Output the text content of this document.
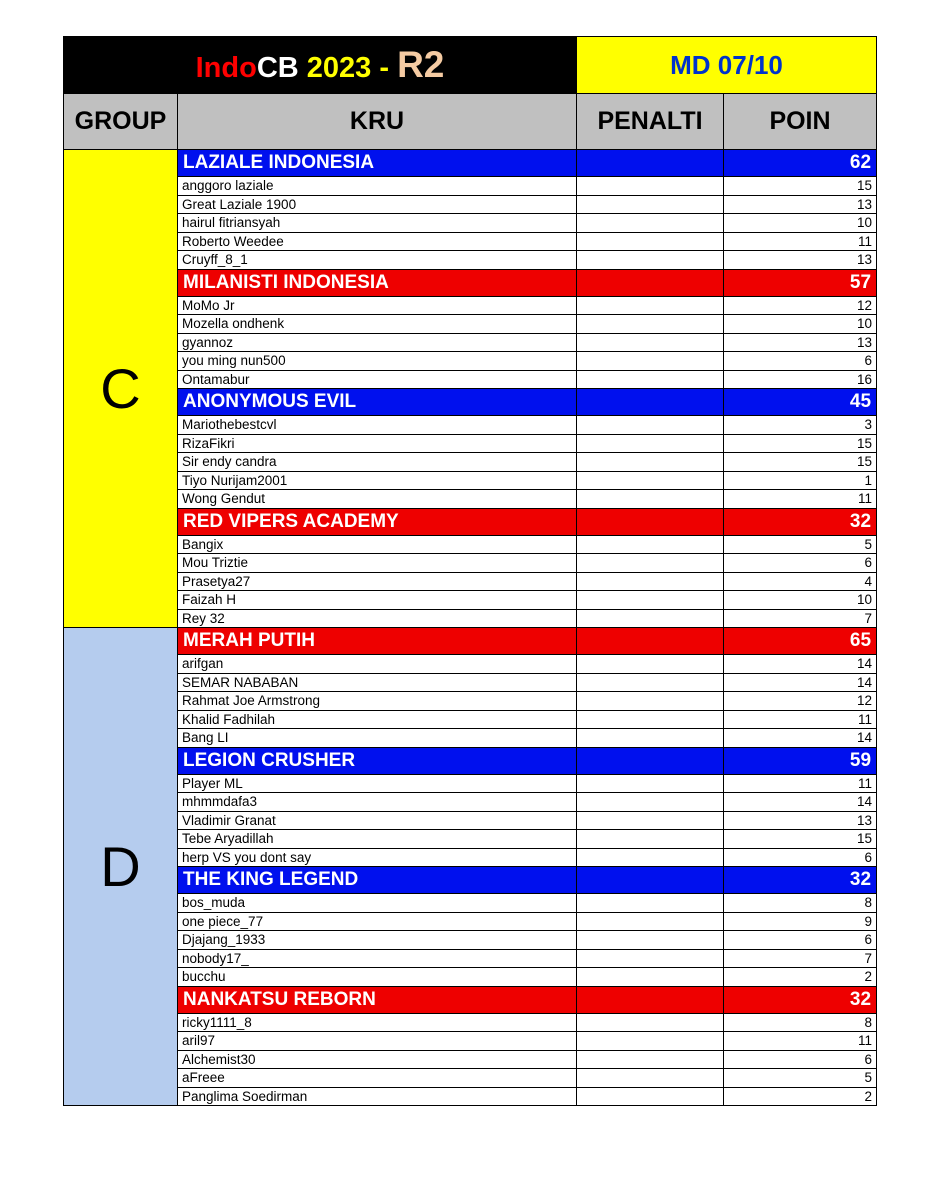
IndoCB 2023 - R2		MD 07/10	
GROUP	KRU	PENALTI	POIN
C	LAZIALE INDONESIA		62
	anggoro laziale		15
	Great Laziale 1900		13
	hairul fitriansyah		10
	Roberto Weedee		11
	Cruyff_8_1		13
	MILANISTI INDONESIA		57
	MoMo Jr		12
	Mozella ondhenk		10
	gyannoz		13
	you ming nun500		6
	Ontamabur		16
	ANONYMOUS EVIL		45
	Mariothebestcvl		3
	RizaFikri		15
	Sir endy candra		15
	Tiyo Nurijam2001		1
	Wong Gendut		11
	RED VIPERS ACADEMY		32
	Bangix		5
	Mou Triztie		6
	Prasetya27		4
	Faizah H		10
	Rey 32		7
D	MERAH PUTIH		65
	arifgan		14
	SEMAR NABABAN		14
	Rahmat Joe Armstrong		12
	Khalid Fadhilah		11
	Bang LI		14
	LEGION CRUSHER		59
	Player ML		11
	mhmmdafa3		14
	Vladimir Granat		13
	Tebe Aryadillah		15
	herp VS you dont say		6
	THE KING LEGEND		32
	bos_muda		8
	one piece_77		9
	Djajang_1933		6
	nobody17_		7
	bucchu		2
	NANKATSU REBORN		32
	ricky1111_8		8
	aril97		11
	Alchemist30		6
	aFreee		5
	Panglima Soedirman		2
